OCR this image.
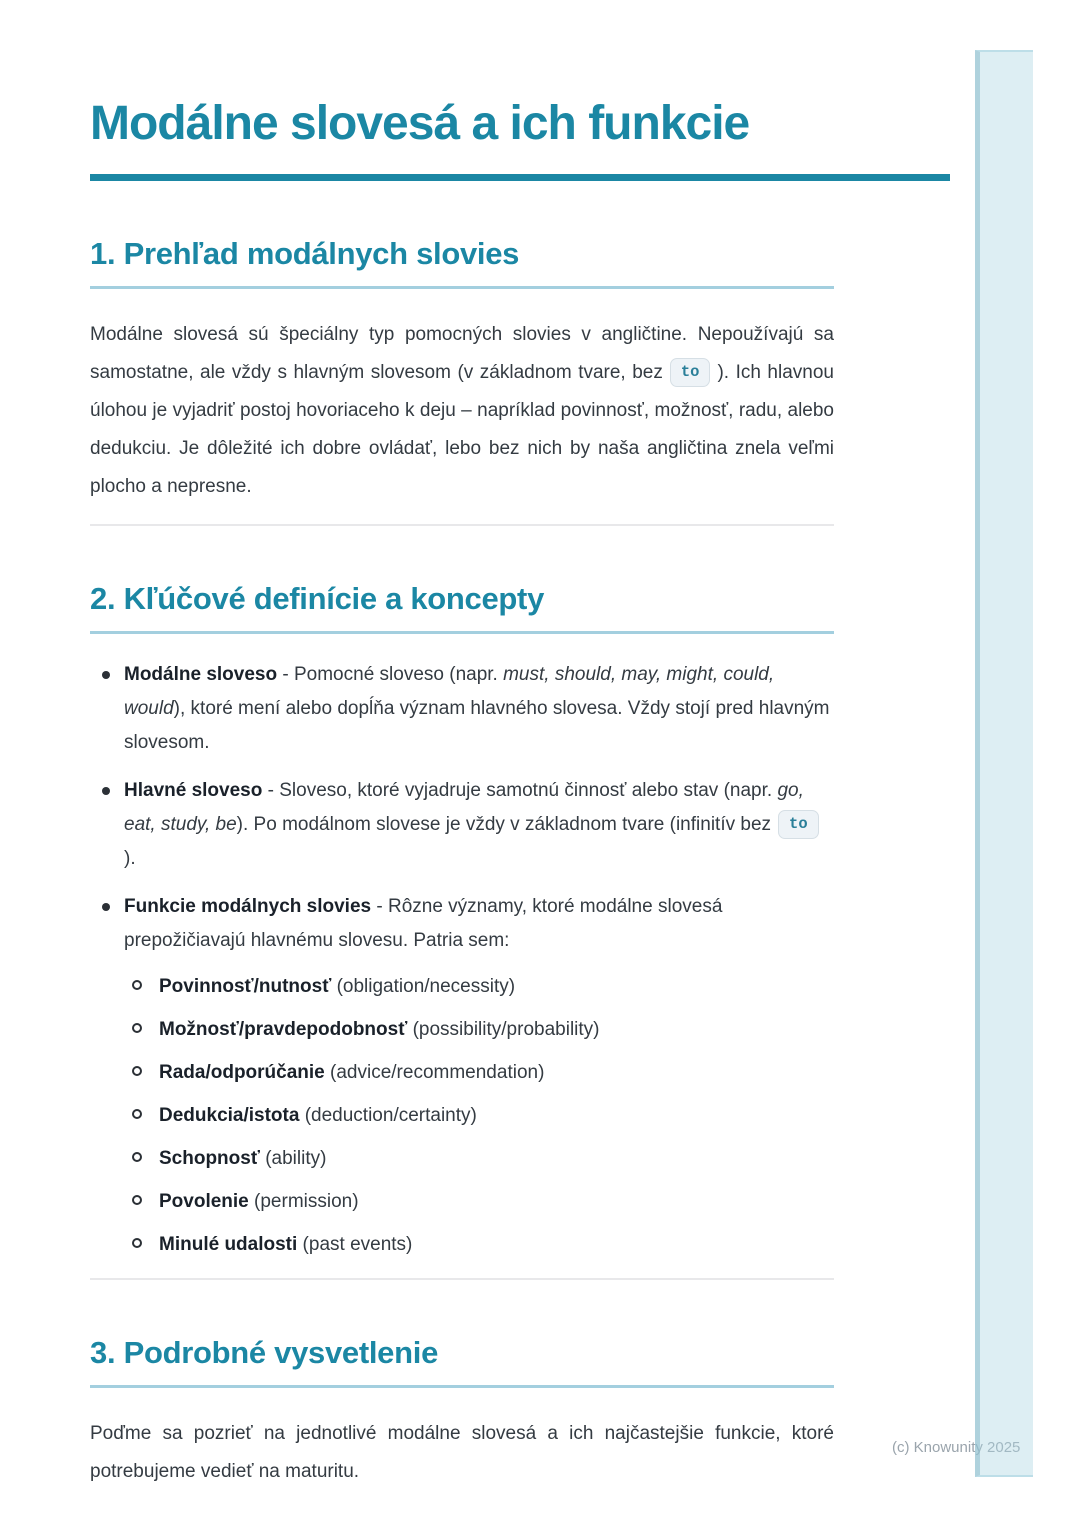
Modálne slovesá a ich funkcie
1. Prehľad modálnych slovies

Modálne slovesá sú špeciálny typ pomocných slovies v angličtine. Nepoužívajú sa samostatne, ale vždy s hlavným slovesom (v základnom tvare, bez to ). Ich hlavnou úlohou je vyjadriť postoj hovoriaceho k deju – napríklad povinnosť, možnosť, radu, alebo dedukciu. Je dôležité ich dobre ovládať, lebo bez nich by naša angličtina znela veľmi plocho a nepresne.

2. Kľúčové definície a koncepty
Modálne sloveso - Pomocné sloveso (napr. must, should, may, might, could, would), ktoré mení alebo dopĺňa význam hlavného slovesa. Vždy stojí pred hlavným slovesom.
Hlavné sloveso - Sloveso, ktoré vyjadruje samotnú činnosť alebo stav (napr. go, eat, study, be). Po modálnom slovese je vždy v základnom tvare (infinitív bez to).
Funkcie modálnych slovies - Rôzne významy, ktoré modálne slovesá prepožičiavajú hlavnému slovesu. Patria sem:
Povinnosť/nutnosť (obligation/necessity)
Možnosť/pravdepodobnosť (possibility/probability)
Rada/odporúčanie (advice/recommendation)
Dedukcia/istota (deduction/certainty)
Schopnosť (ability)
Povolenie (permission)
Minulé udalosti (past events)
3. Podrobné vysvetlenie

Poďme sa pozrieť na jednotlivé modálne slovesá a ich najčastejšie funkcie, ktoré potrebujeme vedieť na maturitu.

(c) Knowunity 2025
